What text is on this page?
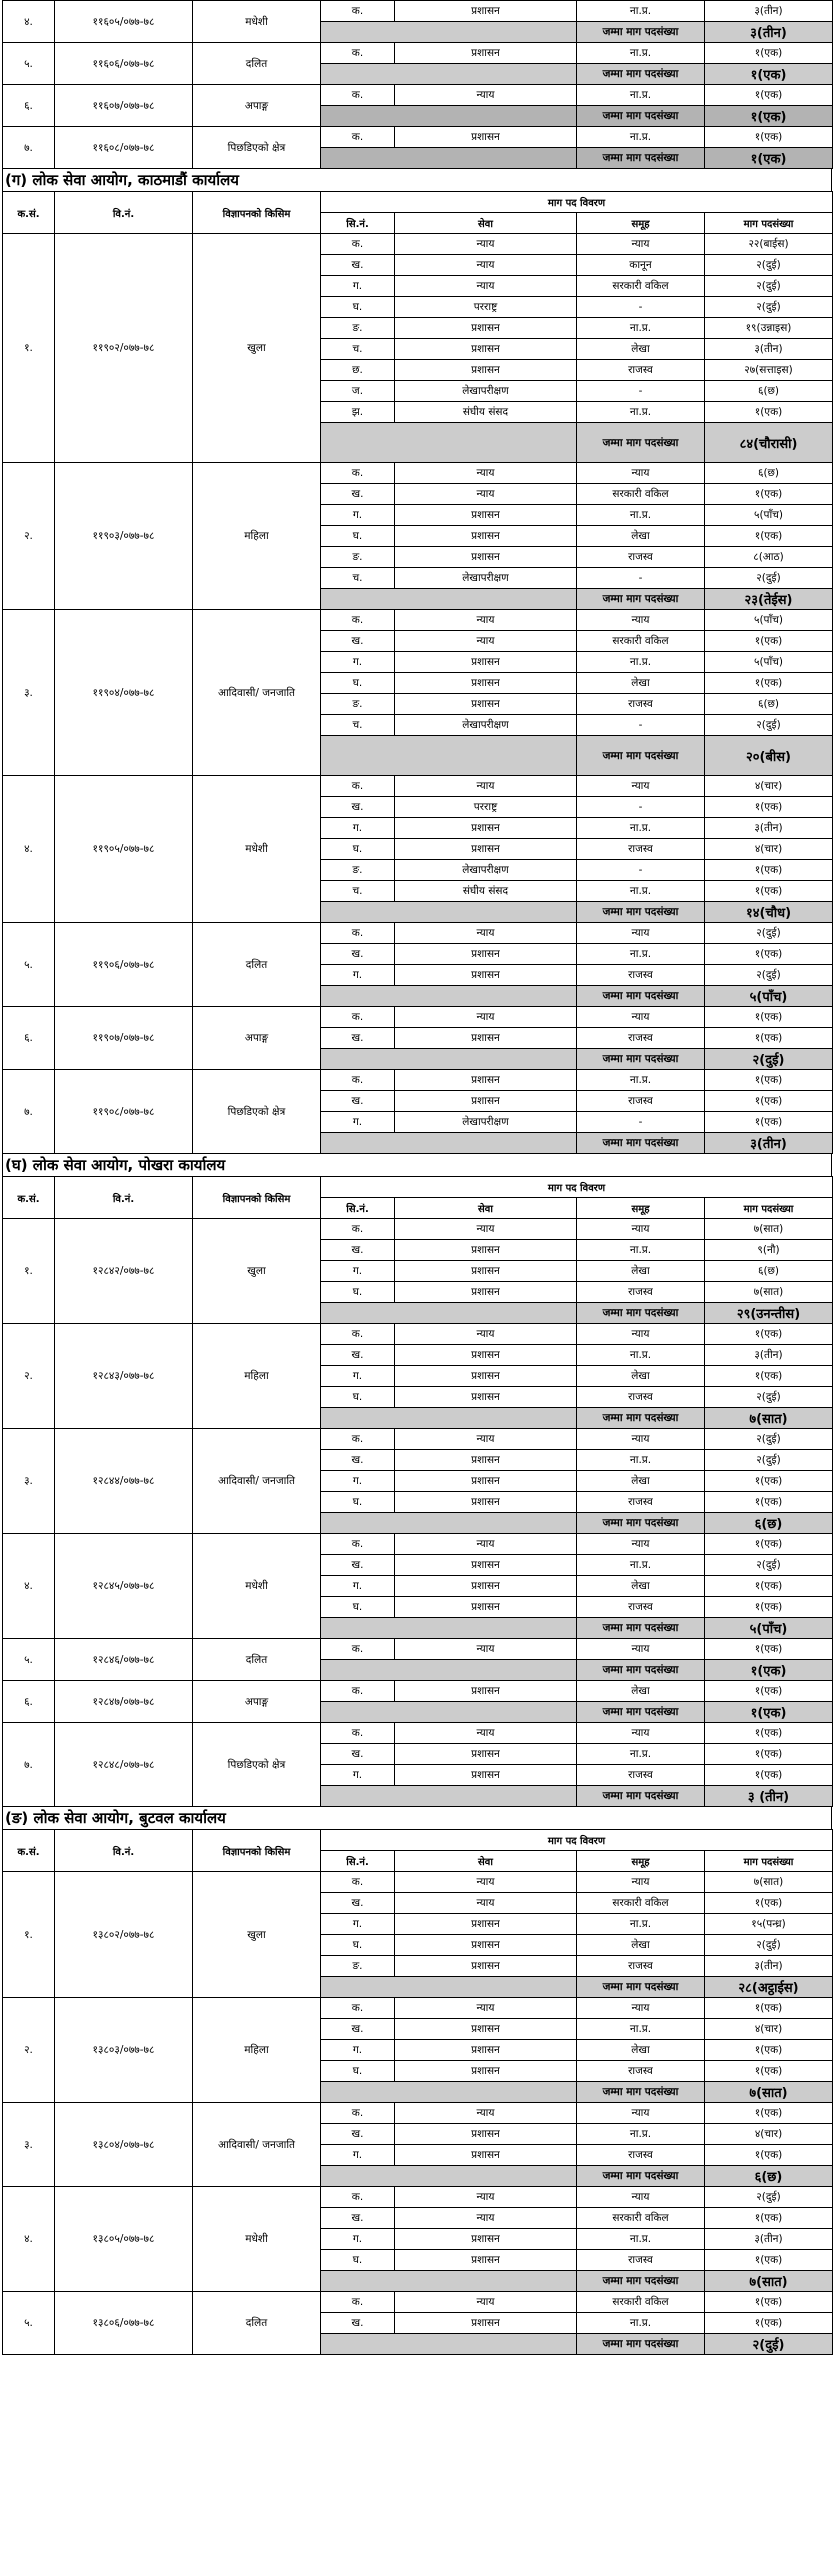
४.	११६०५/०७७-७८	मधेशी	क.	प्रशासन	ना.प्र.	३(तीन)
					जम्मा माग पदसंख्या	३(तीन)
५.	११६०६/०७७-७८	दलित	क.	प्रशासन	ना.प्र.	१(एक)
					जम्मा माग पदसंख्या	१(एक)
६.	११६०७/०७७-७८	अपाङ्ग	क.	न्याय	ना.प्र.	१(एक)
					जम्मा माग पदसंख्या	१(एक)
७.	११६०८/०७७-७८	पिछडिएको क्षेत्र	क.	प्रशासन	ना.प्र.	१(एक)
					जम्मा माग पदसंख्या	१(एक)
(ग) लोक सेवा आयोग, काठमाडौं कार्यालय
क.सं.	वि.नं.	विज्ञापनको किसिम	माग पद विवरण			
			सि.नं.	सेवा	समूह	माग पदसंख्या
१.	११९०२/०७७-७८	खुला	क.	न्याय	न्याय	२२(बाईस)
			ख.	न्याय	कानून	२(दुई)
			ग.	न्याय	सरकारी वकिल	२(दुई)
			घ.	परराष्ट्र	-	२(दुई)
			ङ.	प्रशासन	ना.प्र.	१९(उन्नाइस)
			च.	प्रशासन	लेखा	३(तीन)
			छ.	प्रशासन	राजस्व	२७(सत्ताइस)
			ज.	लेखापरीक्षण	-	६(छ)
			झ.	संघीय संसद	ना.प्र.	१(एक)
					जम्मा माग पदसंख्या	८४(चौरासी)
२.	११९०३/०७७-७८	महिला	क.	न्याय	न्याय	६(छ)
			ख.	न्याय	सरकारी वकिल	१(एक)
			ग.	प्रशासन	ना.प्र.	५(पाँच)
			घ.	प्रशासन	लेखा	१(एक)
			ङ.	प्रशासन	राजस्व	८(आठ)
			च.	लेखापरीक्षण	-	२(दुई)
					जम्मा माग पदसंख्या	२३(तेईस)
३.	११९०४/०७७-७८	आदिवासी/ जनजाति	क.	न्याय	न्याय	५(पाँच)
			ख.	न्याय	सरकारी वकिल	१(एक)
			ग.	प्रशासन	ना.प्र.	५(पाँच)
			घ.	प्रशासन	लेखा	१(एक)
			ङ.	प्रशासन	राजस्व	६(छ)
			च.	लेखापरीक्षण	-	२(दुई)
					जम्मा माग पदसंख्या	२०(बीस)
४.	११९०५/०७७-७८	मधेशी	क.	न्याय	न्याय	४(चार)
			ख.	परराष्ट्र	-	१(एक)
			ग.	प्रशासन	ना.प्र.	३(तीन)
			घ.	प्रशासन	राजस्व	४(चार)
			ङ.	लेखापरीक्षण	-	१(एक)
			च.	संघीय संसद	ना.प्र.	१(एक)
					जम्मा माग पदसंख्या	१४(चौध)
५.	११९०६/०७७-७८	दलित	क.	न्याय	न्याय	२(दुई)
			ख.	प्रशासन	ना.प्र.	१(एक)
			ग.	प्रशासन	राजस्व	२(दुई)
					जम्मा माग पदसंख्या	५(पाँच)
६.	११९०७/०७७-७८	अपाङ्ग	क.	न्याय	न्याय	१(एक)
			ख.	प्रशासन	राजस्व	१(एक)
					जम्मा माग पदसंख्या	२(दुई)
७.	११९०८/०७७-७८	पिछडिएको क्षेत्र	क.	प्रशासन	ना.प्र.	१(एक)
			ख.	प्रशासन	राजस्व	१(एक)
			ग.	लेखापरीक्षण	-	१(एक)
					जम्मा माग पदसंख्या	३(तीन)
(घ) लोक सेवा आयोग, पोखरा कार्यालय
क.सं.	वि.नं.	विज्ञापनको किसिम	माग पद विवरण			
			सि.नं.	सेवा	समूह	माग पदसंख्या
१.	१२८४२/०७७-७८	खुला	क.	न्याय	न्याय	७(सात)
			ख.	प्रशासन	ना.प्र.	९(नौ)
			ग.	प्रशासन	लेखा	६(छ)
			घ.	प्रशासन	राजस्व	७(सात)
					जम्मा माग पदसंख्या	२९(उनन्तीस)
२.	१२८४३/०७७-७८	महिला	क.	न्याय	न्याय	१(एक)
			ख.	प्रशासन	ना.प्र.	३(तीन)
			ग.	प्रशासन	लेखा	१(एक)
			घ.	प्रशासन	राजस्व	२(दुई)
					जम्मा माग पदसंख्या	७(सात)
३.	१२८४४/०७७-७८	आदिवासी/ जनजाति	क.	न्याय	न्याय	२(दुई)
			ख.	प्रशासन	ना.प्र.	२(दुई)
			ग.	प्रशासन	लेखा	१(एक)
			घ.	प्रशासन	राजस्व	१(एक)
					जम्मा माग पदसंख्या	६(छ)
४.	१२८४५/०७७-७८	मधेशी	क.	न्याय	न्याय	१(एक)
			ख.	प्रशासन	ना.प्र.	२(दुई)
			ग.	प्रशासन	लेखा	१(एक)
			घ.	प्रशासन	राजस्व	१(एक)
					जम्मा माग पदसंख्या	५(पाँच)
५.	१२८४६/०७७-७८	दलित	क.	न्याय	न्याय	१(एक)
					जम्मा माग पदसंख्या	१(एक)
६.	१२८४७/०७७-७८	अपाङ्ग	क.	प्रशासन	लेखा	१(एक)
					जम्मा माग पदसंख्या	१(एक)
७.	१२८४८/०७७-७८	पिछडिएको क्षेत्र	क.	न्याय	न्याय	१(एक)
			ख.	प्रशासन	ना.प्र.	१(एक)
			ग.	प्रशासन	राजस्व	१(एक)
					जम्मा माग पदसंख्या	३ (तीन)
(ङ) लोक सेवा आयोग, बुटवल कार्यालय
क.सं.	वि.नं.	विज्ञापनको किसिम	माग पद विवरण			
			सि.नं.	सेवा	समूह	माग पदसंख्या
१.	१३८०२/०७७-७८	खुला	क.	न्याय	न्याय	७(सात)
			ख.	न्याय	सरकारी वकिल	१(एक)
			ग.	प्रशासन	ना.प्र.	१५(पन्ध्र)
			घ.	प्रशासन	लेखा	२(दुई)
			ङ.	प्रशासन	राजस्व	३(तीन)
					जम्मा माग पदसंख्या	२८(अट्ठाईस)
२.	१३८०३/०७७-७८	महिला	क.	न्याय	न्याय	१(एक)
			ख.	प्रशासन	ना.प्र.	४(चार)
			ग.	प्रशासन	लेखा	१(एक)
			घ.	प्रशासन	राजस्व	१(एक)
					जम्मा माग पदसंख्या	७(सात)
३.	१३८०४/०७७-७८	आदिवासी/ जनजाति	क.	न्याय	न्याय	१(एक)
			ख.	प्रशासन	ना.प्र.	४(चार)
			ग.	प्रशासन	राजस्व	१(एक)
					जम्मा माग पदसंख्या	६(छ)
४.	१३८०५/०७७-७८	मधेशी	क.	न्याय	न्याय	२(दुई)
			ख.	न्याय	सरकारी वकिल	१(एक)
			ग.	प्रशासन	ना.प्र.	३(तीन)
			घ.	प्रशासन	राजस्व	१(एक)
					जम्मा माग पदसंख्या	७(सात)
५.	१३८०६/०७७-७८	दलित	क.	न्याय	सरकारी वकिल	१(एक)
			ख.	प्रशासन	ना.प्र.	१(एक)
					जम्मा माग पदसंख्या	२(दुई)
